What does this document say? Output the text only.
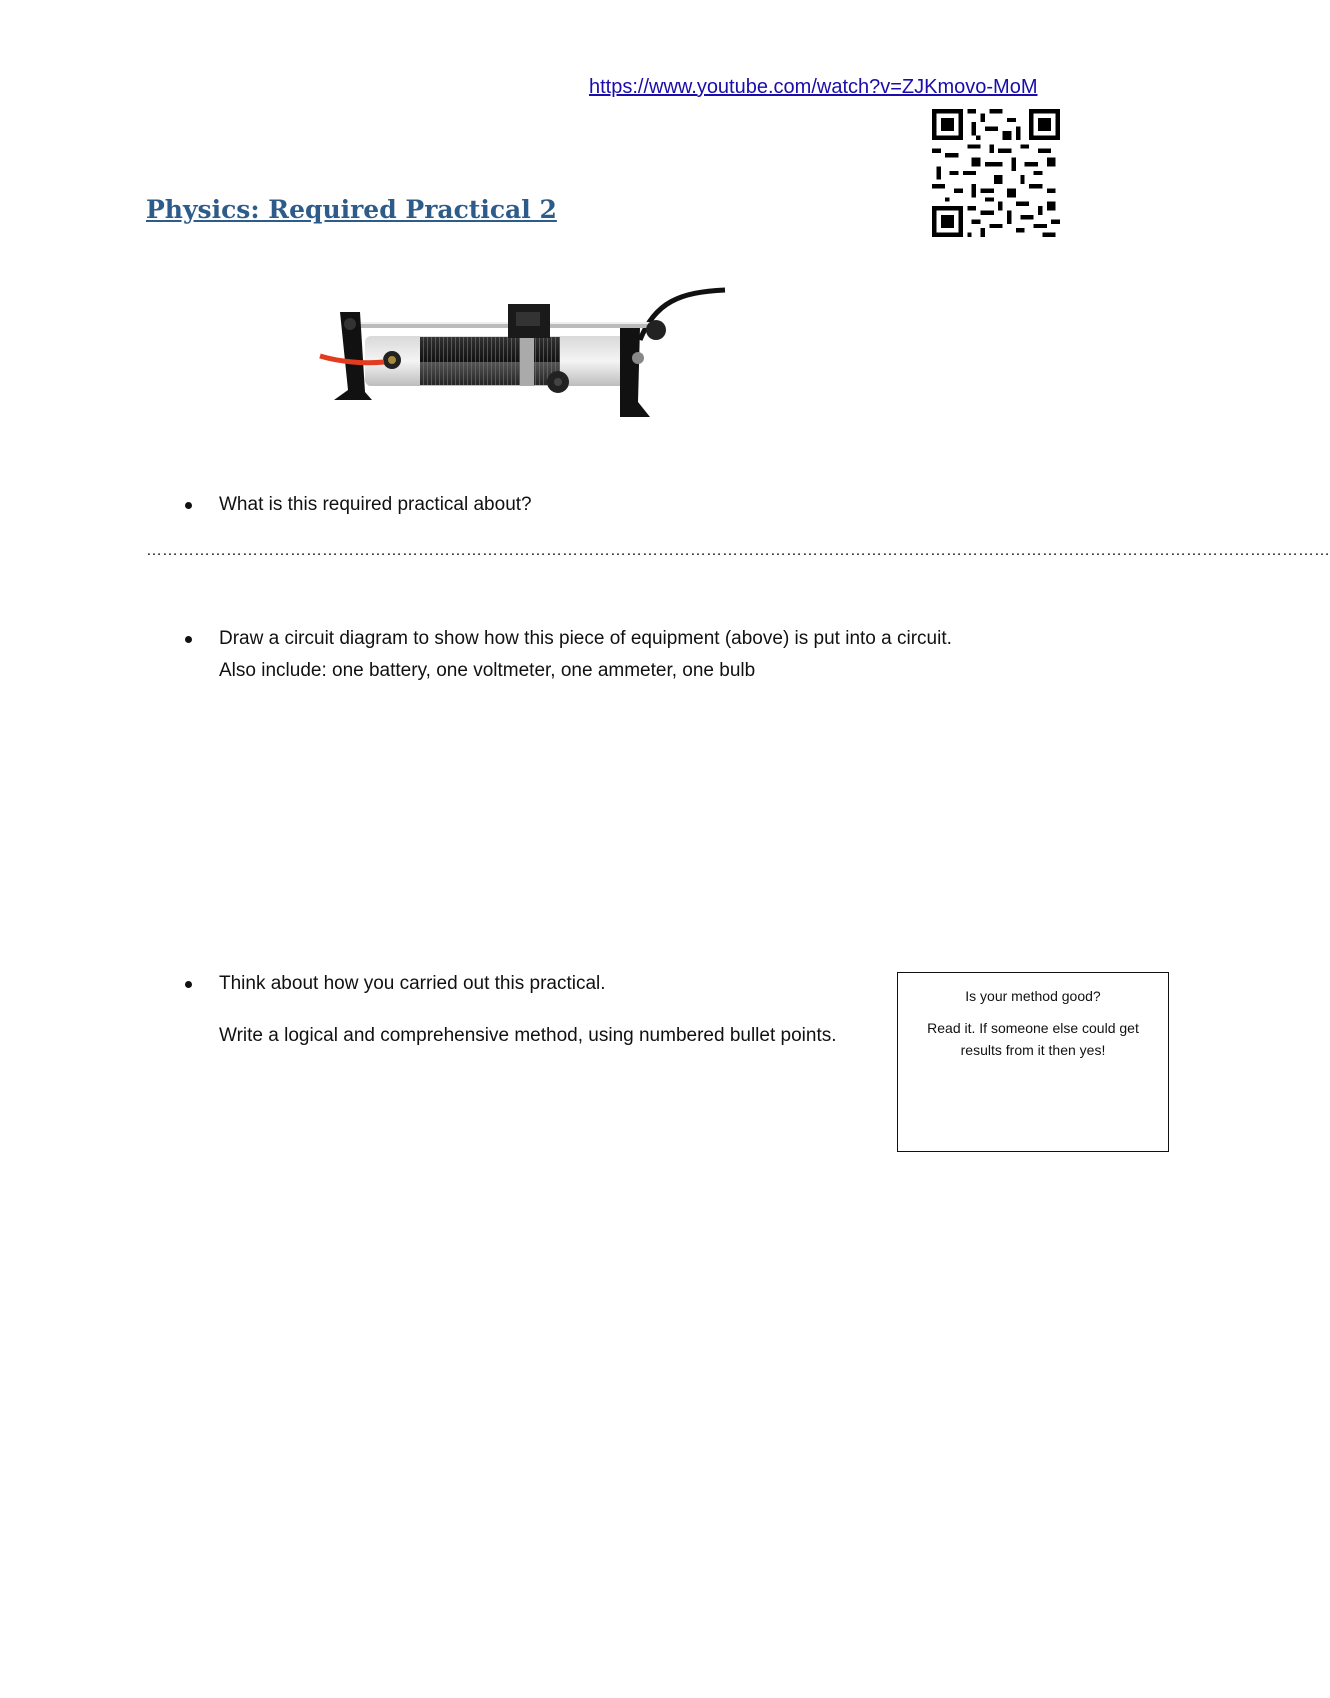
https://www.youtube.com/watch?v=ZJKmovo-MoM
Physics: Required Practical 2
What is this required practical about?
……………………………………………………………………………………………………………………………………………………………………………………………………
Draw a circuit diagram to show how this piece of equipment (above) is put into a circuit.
Also include: one battery, one voltmeter, one ammeter, one bulb
Think about how you carried out this practical.
Write a logical and comprehensive method, using numbered bullet points.

Is your method good?

Read it. If someone else could get results from it then yes!
